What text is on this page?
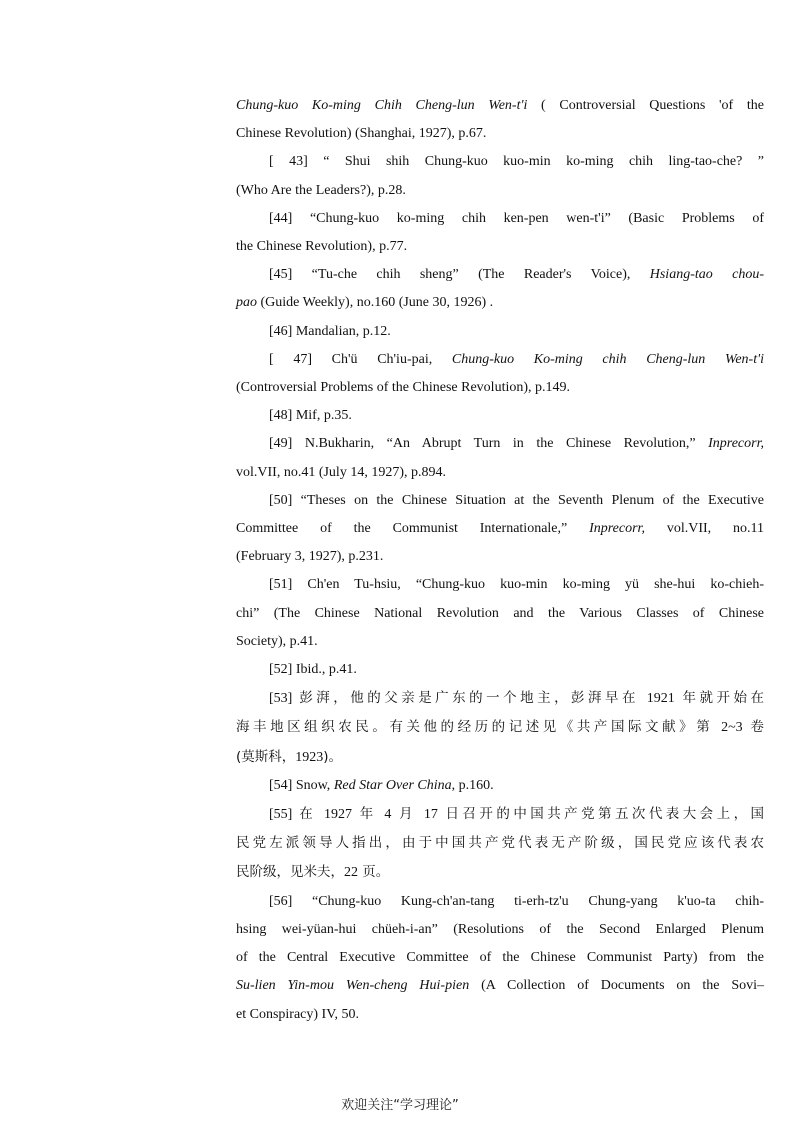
Chung-kuo Ko-ming Chih Cheng-lun Wen-t'i ( Controversial Questions 'of the

Chinese Revolution) (Shanghai, 1927), p.67.

[ 43] “ Shui shih Chung-kuo kuo-min ko-ming chih ling-tao-che? ”

(Who Are the Leaders?), p.28.

[44] “Chung-kuo ko-ming chih ken-pen wen-t'i” (Basic Problems of

the Chinese Revolution), p.77.

[45] “Tu-che chih sheng” (The Reader's Voice), Hsiang-tao chou-

pao (Guide Weekly), no.160 (June 30, 1926) .

[46] Mandalian, p.12.

[ 47] Ch'ü Ch'iu-pai, Chung-kuo Ko-ming chih Cheng-lun Wen-t'i

(Controversial Problems of the Chinese Revolution), p.149.

[48] Mif, p.35.

[49] N.Bukharin, “An Abrupt Turn in the Chinese Revolution,” Inprecorr,

vol.VII, no.41 (July 14, 1927), p.894.

[50] “Theses on the Chinese Situation at the Seventh Plenum of the Executive

Committee of the Communist Internationale,” Inprecorr, vol.VII, no.11

(February 3, 1927), p.231.

[51] Ch'en Tu-hsiu, “Chung-kuo kuo-min ko-ming yü she-hui ko-chieh-

chi” (The Chinese National Revolution and the Various Classes of Chinese

Society), p.41.

[52] Ibid., p.41.

[53] 彭湃，他的父亲是广东的一个地主，彭湃早在 1921 年就开始在

海丰地区组织农民。有关他的经历的记述见《共产国际文献》第 2~3 卷

(莫斯科，1923)。

[54] Snow, Red Star Over China, p.160.

[55] 在 1927 年 4 月 17 日召开的中国共产党第五次代表大会上，国

民党左派领导人指出，由于中国共产党代表无产阶级，国民党应该代表农

民阶级，见米夫，22 页。

[56] “Chung-kuo Kung-ch'an-tang ti-erh-tz'u Chung-yang k'uo-ta chih-

hsing wei-yüan-hui chüeh-i-an” (Resolutions of the Second Enlarged Plenum

of the Central Executive Committee of the Chinese Communist Party) from the

Su-lien Yin-mou Wen-cheng Hui-pien (A Collection of Documents on the Sovi–

et Conspiracy) IV, 50.

欢迎关注“学习理论”
